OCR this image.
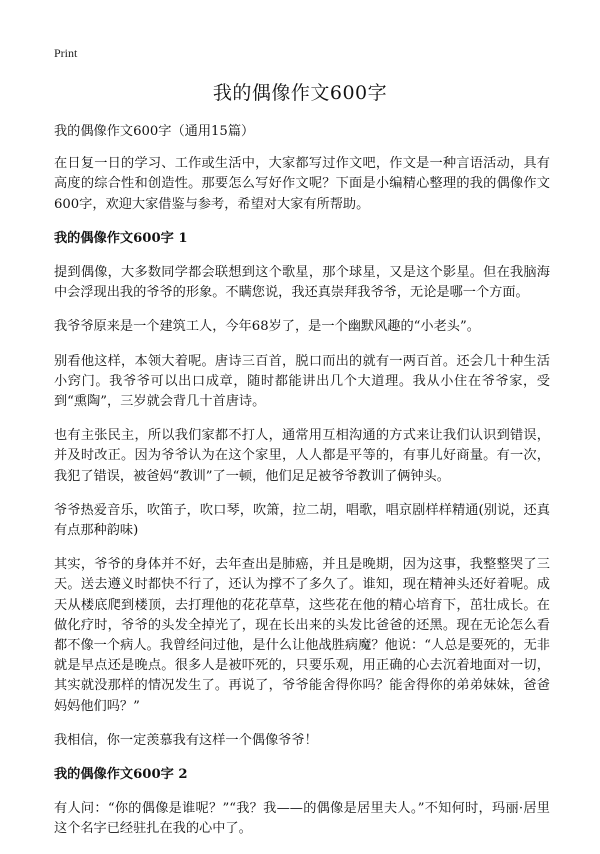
Print
我的偶像作文600字

我的偶像作文600字（通用15篇）

在日复一日的学习、工作或生活中，大家都写过作文吧，作文是一种言语活动，具有高度的综合性和创造性。那要怎么写好作文呢？下面是小编精心整理的我的偶像作文600字，欢迎大家借鉴与参考，希望对大家有所帮助。

我的偶像作文600字 1

提到偶像，大多数同学都会联想到这个歌星，那个球星，又是这个影星。但在我脑海中会浮现出我的爷爷的形象。不瞒您说，我还真崇拜我爷爷，无论是哪一个方面。

我爷爷原来是一个建筑工人，今年68岁了，是一个幽默风趣的“小老头”。

别看他这样，本领大着呢。唐诗三百首，脱口而出的就有一两百首。还会几十种生活小窍门。我爷爷可以出口成章，随时都能讲出几个大道理。我从小住在爷爷家，受到“熏陶”，三岁就会背几十首唐诗。

也有主张民主，所以我们家都不打人，通常用互相沟通的方式来让我们认识到错误，并及时改正。因为爷爷认为在这个家里，人人都是平等的，有事儿好商量。有一次，我犯了错误，被爸妈“教训”了一顿，他们足足被爷爷教训了俩钟头。

爷爷热爱音乐，吹笛子，吹口琴，吹箫，拉二胡，唱歌，唱京剧样样精通(别说，还真有点那种韵味)

其实，爷爷的身体并不好，去年查出是肺癌，并且是晚期，因为这事，我整整哭了三天。送去遵义时都快不行了，还认为撑不了多久了。谁知，现在精神头还好着呢。成天从楼底爬到楼顶，去打理他的花花草草，这些花在他的精心培育下，茁壮成长。在做化疗时，爷爷的头发全掉光了，现在长出来的头发比爸爸的还黑。现在无论怎么看都不像一个病人。我曾经问过他，是什么让他战胜病魔？他说：“人总是要死的，无非就是早点还是晚点。很多人是被吓死的，只要乐观，用正确的心去沉着地面对一切，其实就没那样的情况发生了。再说了，爷爷能舍得你吗？能舍得你的弟弟妹妹，爸爸妈妈他们吗？”

我相信，你一定羡慕我有这样一个偶像爷爷！

我的偶像作文600字 2

有人问：“你的偶像是谁呢？”“我？我——的偶像是居里夫人。”不知何时，玛丽·居里这个名字已经驻扎在我的心中了。
